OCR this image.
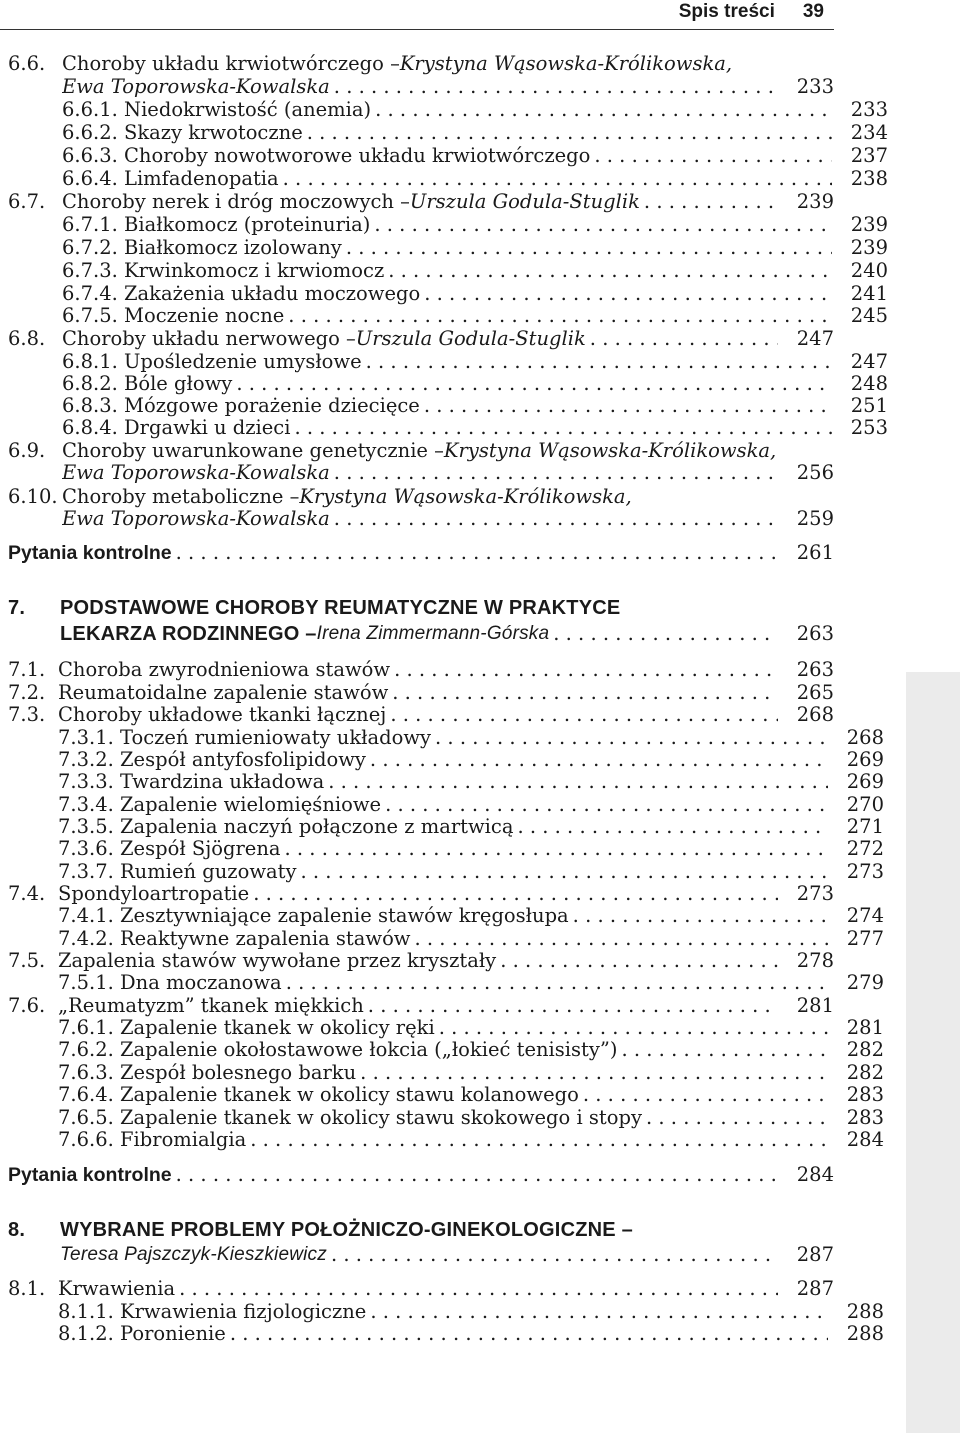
Spis treści 39
6.6. Choroby układu krwiotwórczego – Krystyna Wąsowska-Królikowska,
Ewa Toporowska-Kowalska . . .	233
6.6.1. Niedokrwistość (anemia) . . .	233
6.6.2. Skazy krwotoczne . . .	234
6.6.3. Choroby nowotworowe układu krwiotwórczego . . .	237
6.6.4. Limfadenopatia . . .	238
6.7. Choroby nerek i dróg moczowych – Urszula Godula-Stuglik . . .	239
6.7.1. Białkomocz (proteinuria) . . .	239
6.7.2. Białkomocz izolowany . . .	239
6.7.3. Krwinkomocz i krwiomocz . . .	240
6.7.4. Zakażenia układu moczowego . . .	241
6.7.5. Moczenie nocne . . .	245
6.8. Choroby układu nerwowego – Urszula Godula-Stuglik . . .	247
6.8.1. Upośledzenie umysłowe . . .	247
6.8.2. Bóle głowy . . .	248
6.8.3. Mózgowe porażenie dziecięce . . .	251
6.8.4. Drgawki u dzieci . . .	253
6.9. Choroby uwarunkowane genetycznie – Krystyna Wąsowska-Królikowska,
Ewa Toporowska-Kowalska . . .	256
6.10. Choroby metaboliczne – Krystyna Wąsowska-Królikowska,
Ewa Toporowska-Kowalska . . .	259
Pytania kontrolne . . .	261
7.	PODSTAWOWE CHOROBY REUMATYCZNE W PRAKTYCE
LEKARZA RODZINNEGO – Irena Zimmermann-Górska . . .	263
7.1. Choroba zwyrodnieniowa stawów . . .	263
7.2. Reumatoidalne zapalenie stawów . . .	265
7.3. Choroby układowe tkanki łącznej . . .	268
7.3.1. Toczeń rumieniowaty układowy . . .	268
7.3.2. Zespół antyfosfolipidowy . . .	269
7.3.3. Twardzina układowa . . .	269
7.3.4. Zapalenie wielomięśniowe . . .	270
7.3.5. Zapalenia naczyń połączone z martwicą . . .	271
7.3.6. Zespół Sjögrena . . .	272
7.3.7. Rumień guzowaty . . .	273
7.4. Spondyloartropatie . . .	273
7.4.1. Zesztywniające zapalenie stawów kręgosłupa . . .	274
7.4.2. Reaktywne zapalenia stawów . . .	277
7.5. Zapalenia stawów wywołane przez kryształy . . .	278
7.5.1. Dna moczanowa . . .	279
7.6. „Reumatyzm” tkanek miękkich . . .	281
7.6.1. Zapalenie tkanek w okolicy ręki . . .	281
7.6.2. Zapalenie okołostawowe łokcia („łokieć tenisisty”) . . .	282
7.6.3. Zespół bolesnego barku . . .	282
7.6.4. Zapalenie tkanek w okolicy stawu kolanowego . . .	283
7.6.5. Zapalenie tkanek w okolicy stawu skokowego i stopy . . .	283
7.6.6. Fibromialgia . . .	284
Pytania kontrolne . . .	284
8.	WYBRANE PROBLEMY POŁOŻNICZO-GINEKOLOGICZNE –
Teresa Pajszczyk-Kieszkiewicz . . .	287
8.1. Krwawienia . . .	287
8.1.1. Krwawienia fizjologiczne . . .	288
8.1.2. Poronienie . . .	288
